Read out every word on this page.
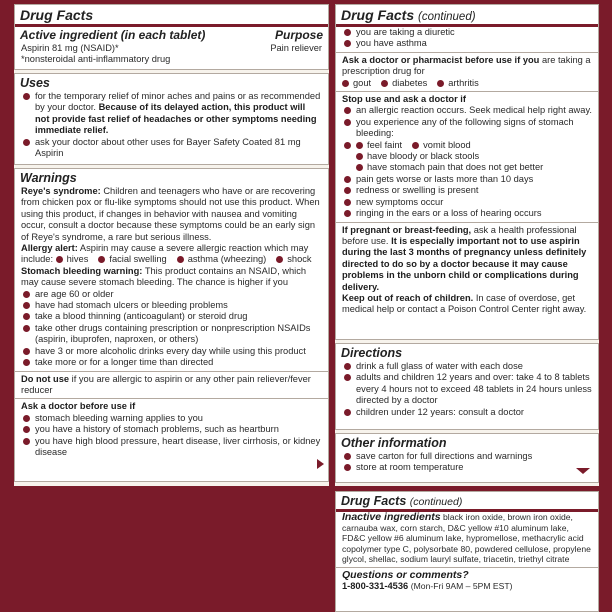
Drug Facts
Active ingredient (in each tablet)	Purpose
Aspirin 81 mg (NSAID)*	Pain reliever
*nonsteroidal anti-inflammatory drug
Uses
for the temporary relief of minor aches and pains or as recommended by your doctor. Because of its delayed action, this product will not provide fast relief of headaches or other symptoms needing immediate relief.
ask your doctor about other uses for Bayer Safety Coated 81 mg Aspirin
Warnings
Reye's syndrome: Children and teenagers who have or are recovering from chicken pox or flu-like symptoms should not use this product. When using this product, if changes in behavior with nausea and vomiting occur, consult a doctor because these symptoms could be an early sign of Reye's syndrome, a rare but serious illness.
Allergy alert: Aspirin may cause a severe allergic reaction which may include: hives facial swelling asthma (wheezing) shock
Stomach bleeding warning: This product contains an NSAID, which may cause severe stomach bleeding. The chance is higher if you
are age 60 or older
have had stomach ulcers or bleeding problems
take a blood thinning (anticoagulant) or steroid drug
take other drugs containing prescription or nonprescription NSAIDs (aspirin, ibuprofen, naproxen, or others)
have 3 or more alcoholic drinks every day while using this product
take more or for a longer time than directed
Do not use if you are allergic to aspirin or any other pain reliever/fever reducer
Ask a doctor before use if
stomach bleeding warning applies to you
you have a history of stomach problems, such as heartburn
you have high blood pressure, heart disease, liver cirrhosis, or kidney disease
Drug Facts (continued)
you are taking a diuretic
you have asthma
Ask a doctor or pharmacist before use if you are taking a prescription drug for
gout diabetes arthritis
Stop use and ask a doctor if
an allergic reaction occurs. Seek medical help right away.
you experience any of the following signs of stomach bleeding:
feel faint vomit bloodhave bloody or black stoolshave stomach pain that does not get better
pain gets worse or lasts more than 10 days
redness or swelling is present
new symptoms occur
ringing in the ears or a loss of hearing occurs
If pregnant or breast-feeding, ask a health professional before use. It is especially important not to use aspirin during the last 3 months of pregnancy unless definitely directed to do so by a doctor because it may cause problems in the unborn child or complications during delivery.
Keep out of reach of children. In case of overdose, get medical help or contact a Poison Control Center right away.
Directions
drink a full glass of water with each dose
adults and children 12 years and over: take 4 to 8 tablets every 4 hours not to exceed 48 tablets in 24 hours unless directed by a doctor
children under 12 years: consult a doctor
Other information
save carton for full directions and warnings
store at room temperature
Drug Facts (continued)
Inactive ingredients black iron oxide, brown iron oxide, carnauba wax, corn starch, D&C yellow #10 aluminum lake, FD&C yellow #6 aluminum lake, hypromellose, methacrylic acid copolymer type C, polysorbate 80, powdered cellulose, propylene glycol, shellac, sodium lauryl sulfate, triacetin, triethyl citrate
Questions or comments?
1-800-331-4536 (Mon-Fri 9AM – 5PM EST)
